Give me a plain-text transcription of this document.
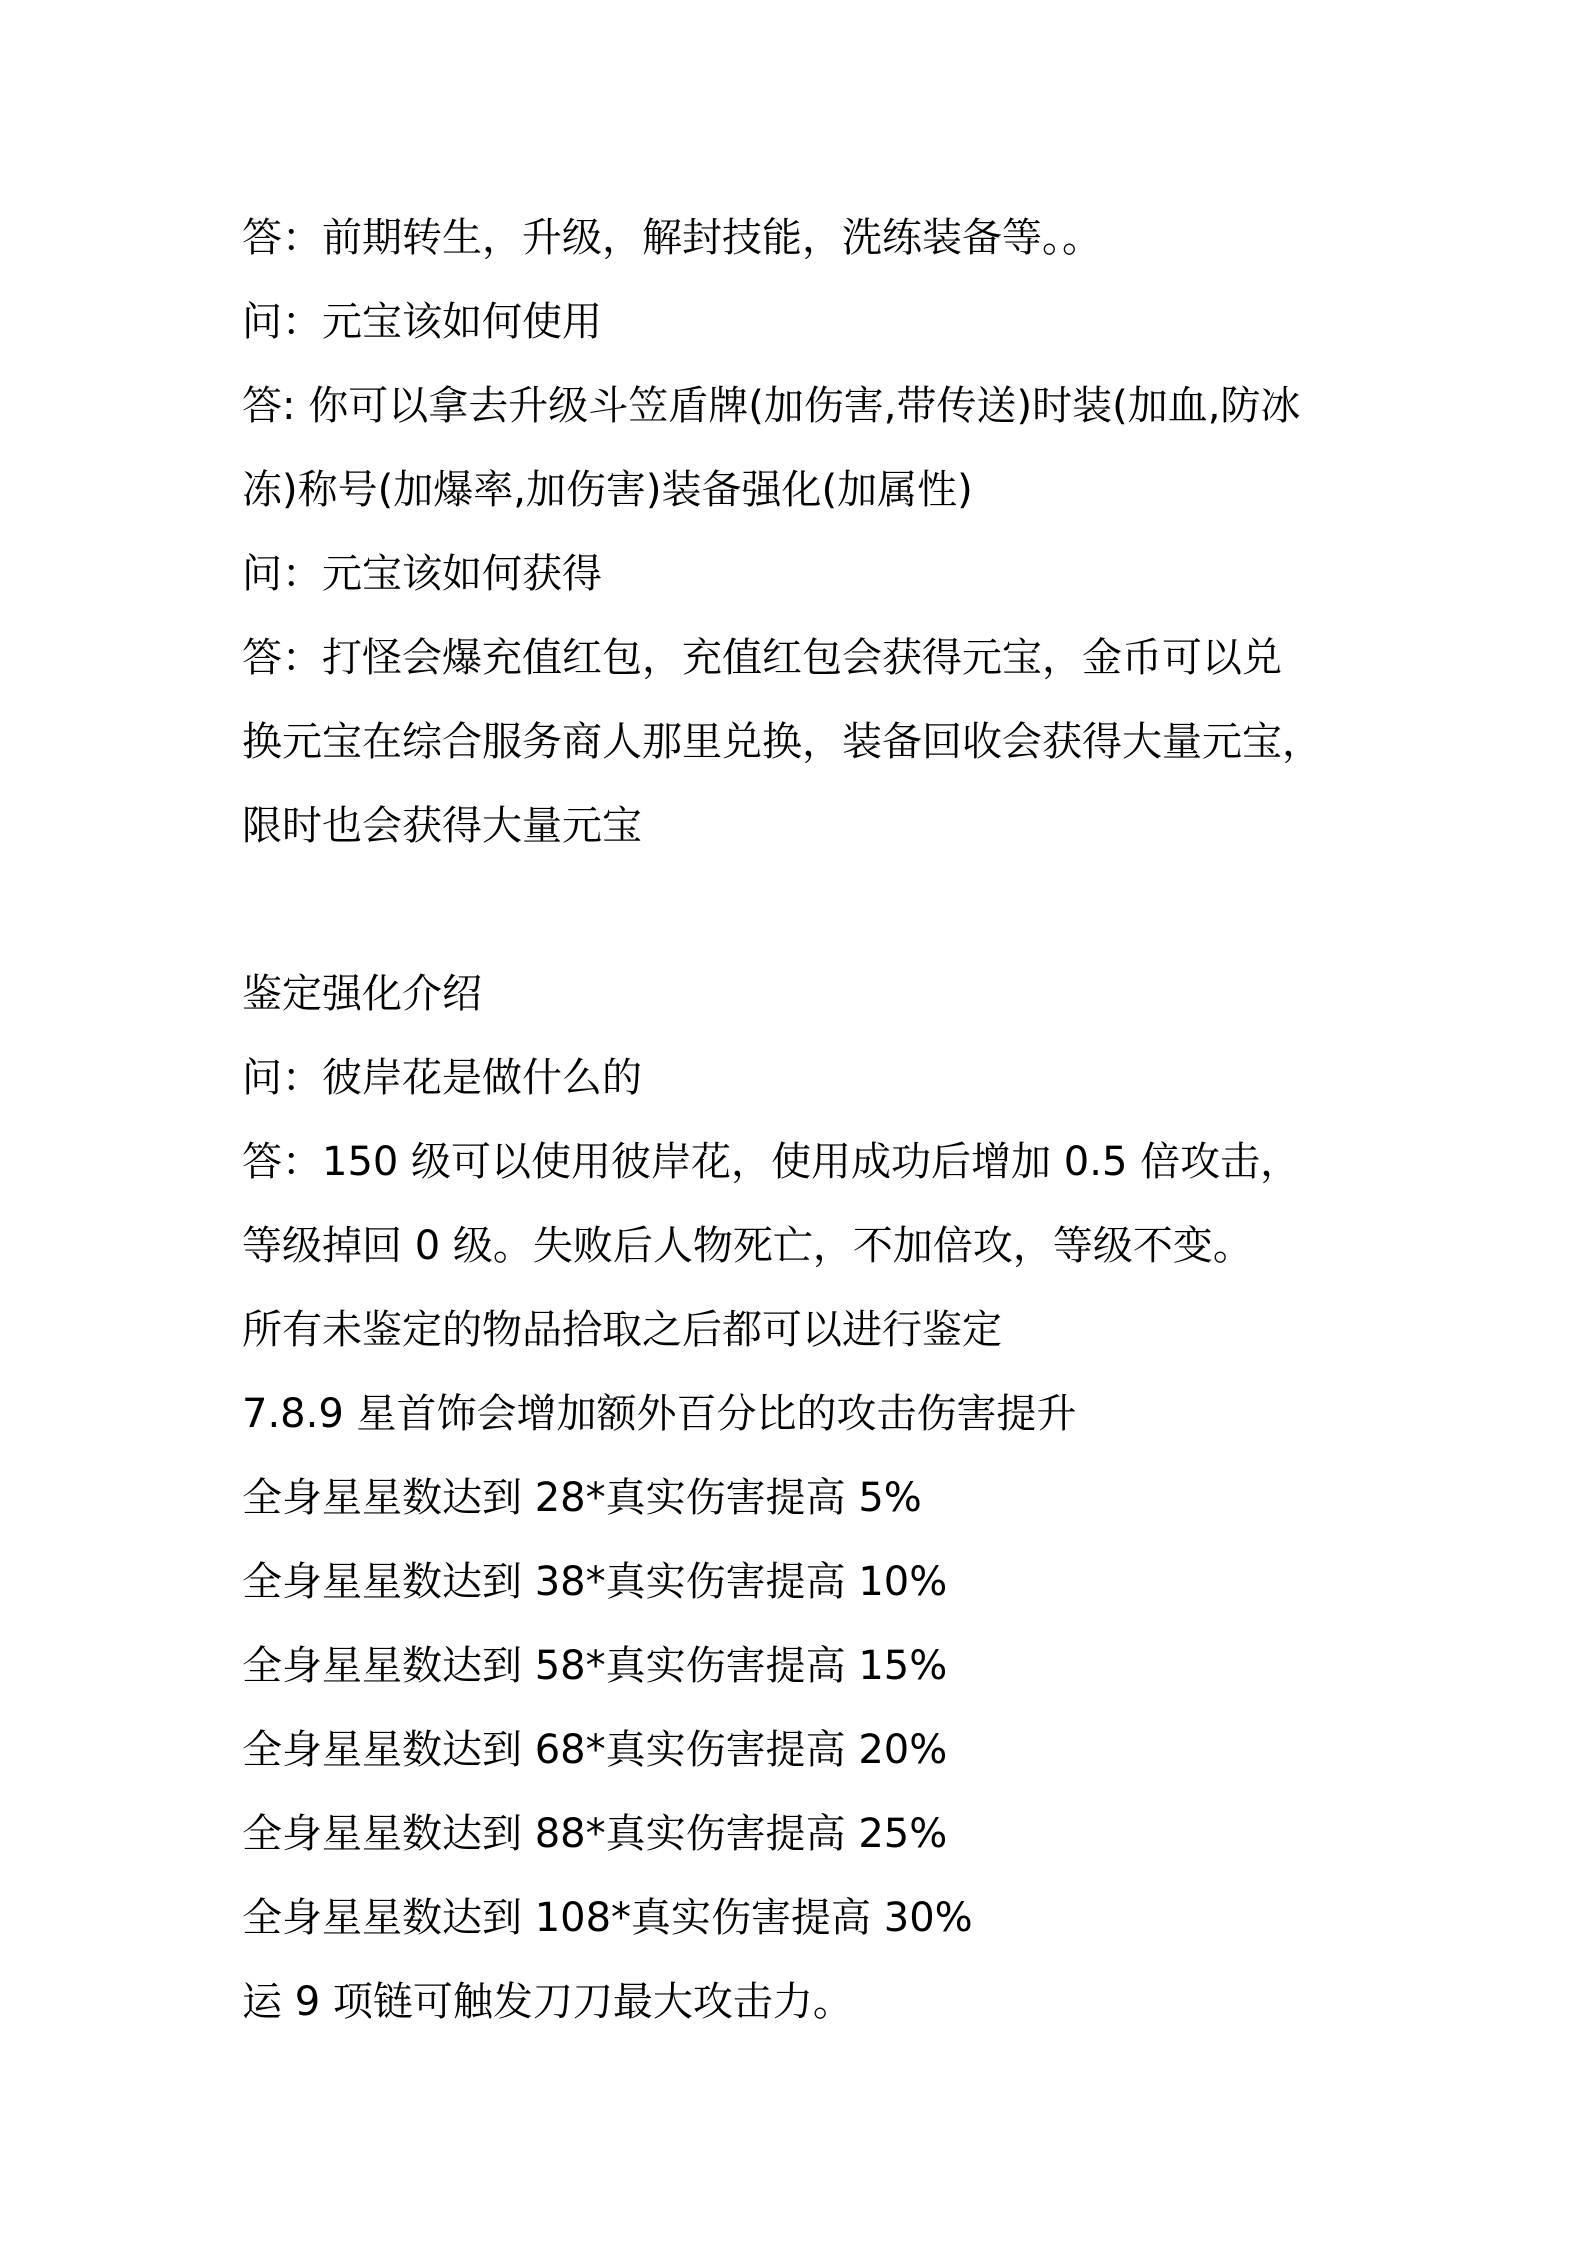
答：前期转生，升级，解封技能，洗练装备等。。
问：元宝该如何使用
答: 你可以拿去升级斗笠盾牌(加伤害,带传送)时装(加血,防冰
冻)称号(加爆率,加伤害)装备强化(加属性)
问：元宝该如何获得
答：打怪会爆充值红包，充值红包会获得元宝，金币可以兑
换元宝在综合服务商人那里兑换，装备回收会获得大量元宝，
限时也会获得大量元宝
鉴定强化介绍
问：彼岸花是做什么的
答：150 级可以使用彼岸花，使用成功后增加 0.5 倍攻击，
等级掉回 0 级。失败后人物死亡，不加倍攻，等级不变。
所有未鉴定的物品拾取之后都可以进行鉴定
7.8.9 星首饰会增加额外百分比的攻击伤害提升
全身星星数达到 28*真实伤害提高 5%
全身星星数达到 38*真实伤害提高 10%
全身星星数达到 58*真实伤害提高 15%
全身星星数达到 68*真实伤害提高 20%
全身星星数达到 88*真实伤害提高 25%
全身星星数达到 108*真实伤害提高 30%
运 9 项链可触发刀刀最大攻击力。
